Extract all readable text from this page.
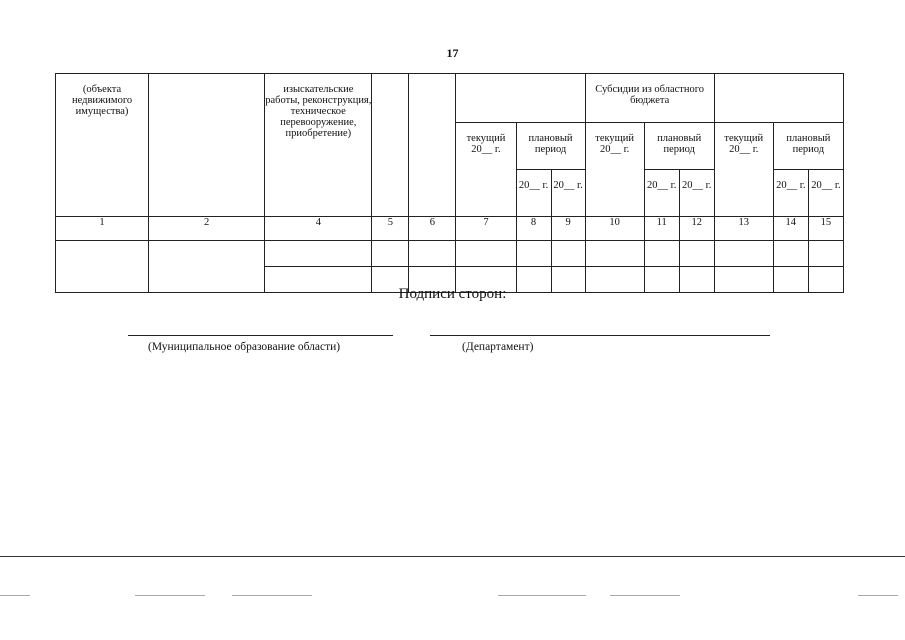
17
(объекта недвижимого имущества)		изыскательские работы, реконструкция, техническое перевооружение, приобретение)						Субсидии из областного бюджета					
					текущий 20__ г.	плановый период		текущий 20__ г.	плановый период		текущий 20__ г.	плановый период	
						20__ г.	20__ г.		20__ г.	20__ г.		20__ г.	20__ г.
1	2	4	5	6	7	8	9	10	11	12	13	14	15

Подписи сторон:
(Муниципальное образование области)	(Департамент)
